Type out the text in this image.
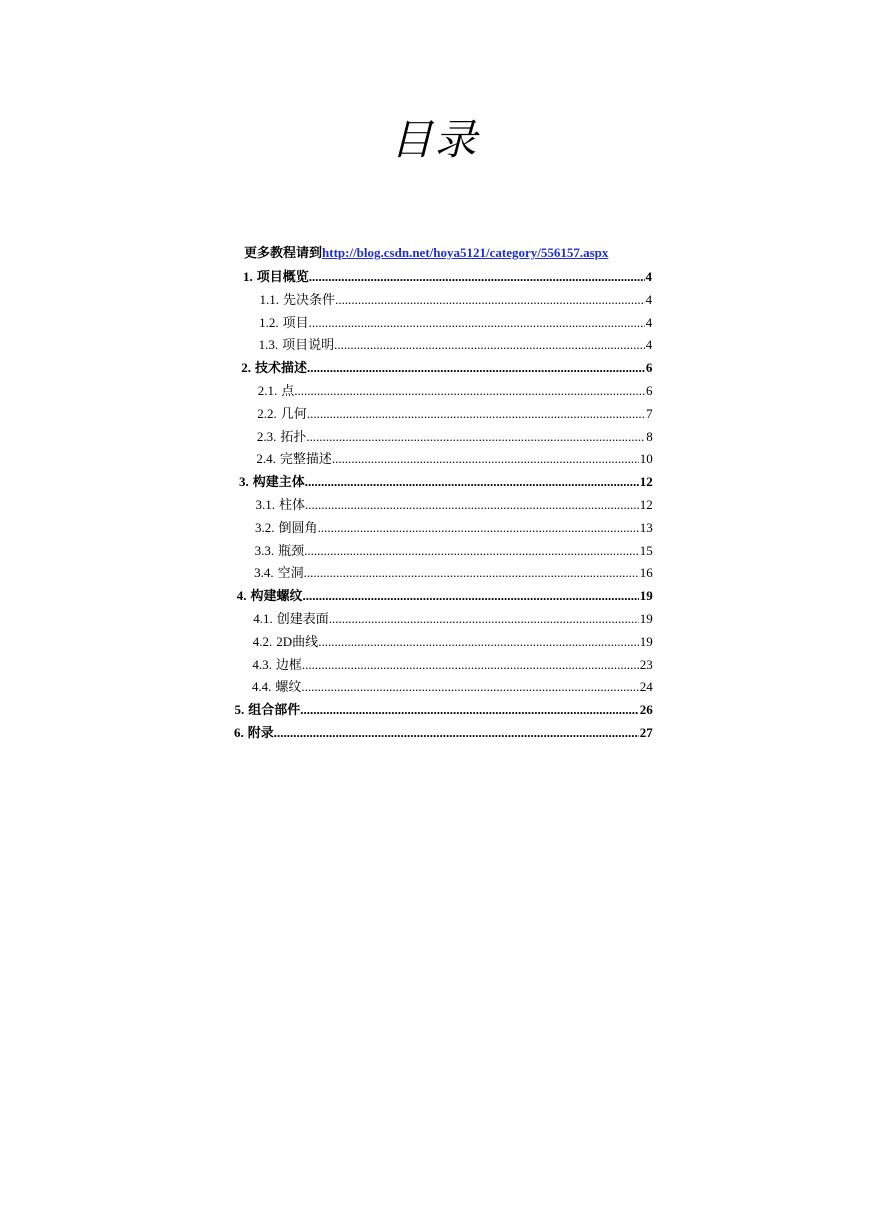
目录
更多教程请到http://blog.csdn.net/hoya5121/category/556157.aspx
1. 项目概览 .....	4
1.1. 先决条件 .....	4
1.2. 项目 .....	4
1.3. 项目说明 .....	4
2. 技术描述 .....	6
2.1. 点 .....	6
2.2. 几何 .....	7
2.3. 拓扑 .....	8
2.4. 完整描述 .....	10
3. 构建主体 .....	12
3.1. 柱体 .....	12
3.2. 倒圆角 .....	13
3.3. 瓶颈 .....	15
3.4. 空洞 .....	16
4. 构建螺纹 .....	19
4.1. 创建表面 .....	19
4.2. 2D曲线 .....	19
4.3. 边框 .....	23
4.4. 螺纹 .....	24
5. 组合部件 .....	26
6. 附录 .....	27
